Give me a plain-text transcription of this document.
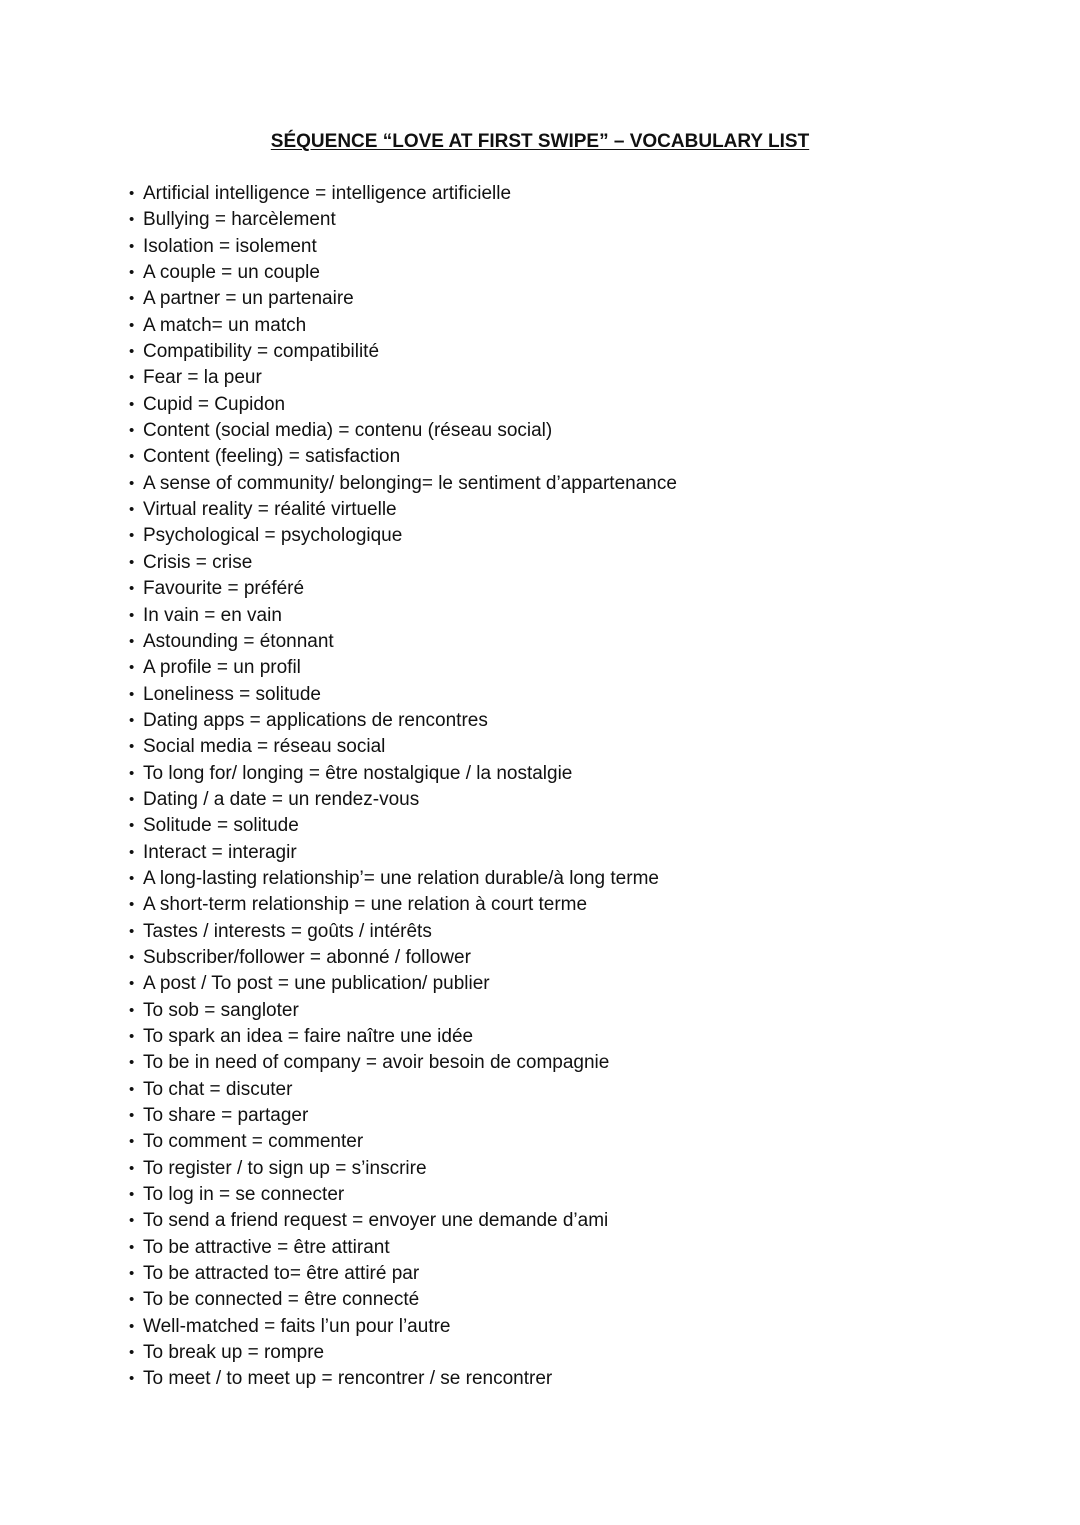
SÉQUENCE “LOVE AT FIRST SWIPE” – VOCABULARY LIST
• Artificial intelligence = intelligence artificielle
• Bullying = harcèlement
• Isolation = isolement
• A couple = un couple
• A partner = un partenaire
• A match= un match
• Compatibility = compatibilité
• Fear = la peur
• Cupid = Cupidon
• Content (social media) = contenu (réseau social)
• Content (feeling) = satisfaction
• A sense of community/ belonging= le sentiment d’appartenance
• Virtual reality = réalité virtuelle
• Psychological = psychologique
• Crisis = crise
• Favourite = préféré
• In vain = en vain
• Astounding = étonnant
• A profile = un profil
• Loneliness = solitude
• Dating apps = applications de rencontres
• Social media = réseau social
• To long for/ longing = être nostalgique / la nostalgie
• Dating / a date = un rendez-vous
• Solitude = solitude
• Interact = interagir
• A long-lasting relationship’= une relation durable/à long terme
• A short-term relationship = une relation à court terme
• Tastes / interests = goûts / intérêts
• Subscriber/follower = abonné / follower
• A post / To post = une publication/ publier
• To sob = sangloter
• To spark an idea = faire naître une idée
• To be in need of company = avoir besoin de compagnie
• To chat = discuter
• To share = partager
• To comment = commenter
• To register / to sign up = s’inscrire
• To log in = se connecter
• To send a friend request = envoyer une demande d’ami
• To be attractive = être attirant
• To be attracted to= être attiré par
• To be connected = être connecté
• Well-matched = faits l’un pour l’autre
• To break up = rompre
• To meet / to meet up = rencontrer / se rencontrer
